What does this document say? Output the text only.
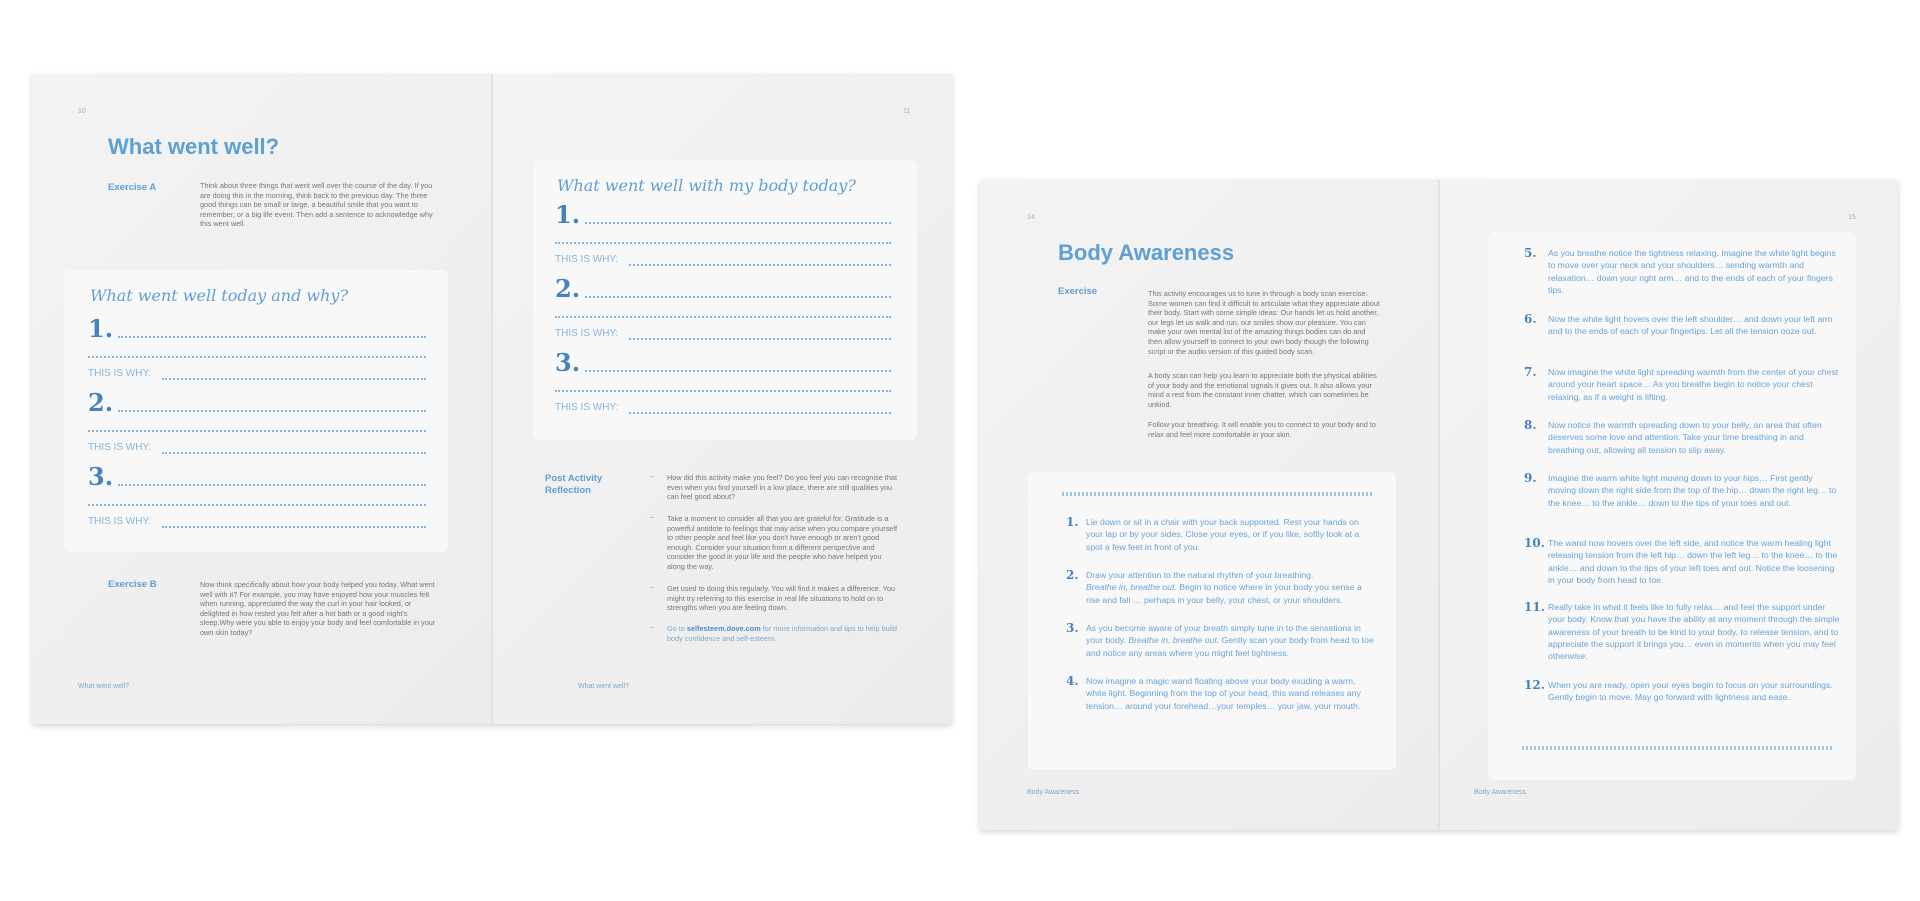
10
What went well?
Exercise A	Think about three things that went well over the course of the day. If you are doing this in the morning, think back to the previous day. The three good things can be small or large, a beautiful smile that you want to remember, or a big life event. Then add a sentence to acknowledge why this went well.
What went well today and why?
1.
THIS IS WHY:
2.
THIS IS WHY:
3.
THIS IS WHY:
Exercise B	Now think specifically about how your body helped you today. What went well with it? For example, you may have enjoyed how your muscles felt when running, appreciated the way the curl in your hair looked, or delighted in how rested you felt after a hot bath or a good night's sleep.Why were you able to enjoy your body and feel comfortable in your own skin today?
What went well?
11
What went well with my body today?
1.
THIS IS WHY:
2.
THIS IS WHY:
3.
THIS IS WHY:
Post Activity
Reflection
– How did this activity make you feel? Do you feel you can recognise that even when you find yourself in a low place, there are still qualities you can feel good about?
– Take a moment to consider all that you are grateful for. Gratitude is a powerful antidote to feelings that may arise when you compare yourself to other people and feel like you don't have enough or aren't good enough. Consider your situation from a different perspective and consider the good in your life and the people who have helped you along the way.
– Get used to doing this regularly. You will find it makes a difference. You might try referring to this exercise in real life situations to hold on to strengths when you are feeling down.
– Go to selfesteem.dove.com for more information and tips to help build body confidence and self-esteem.
What went well?
14
Body Awareness
Exercise	This activity encourages us to tune in through a body scan exercise. Some women can find it difficult to articulate what they appreciate about their body. Start with some simple ideas: Our hands let us hold another, our legs let us walk and run, our smiles show our pleasure. You can make your own mental list of the amazing things bodies can do and then allow yourself to connect to your own body though the following script or the audio version of this guided body scan.
A body scan can help you learn to appreciate both the physical abilities of your body and the emotional signals it gives out. It also allows your mind a rest from the constant inner chatter, which can sometimes be unkind.
Follow your breathing. It will enable you to connect to your body and to relax and feel more comfortable in your skin.
1. Lie down or sit in a chair with your back supported. Rest your hands on your lap or by your sides. Close your eyes, or if you like, softly look at a spot a few feet in front of you.
2. Draw your attention to the natural rhythm of your breathing.
Breathe in, breathe out. Begin to notice where in your body you sense a rise and fall … perhaps in your belly, your chest, or your shoulders.
3. As you become aware of your breath simply tune in to the sensations in your body. Breathe in, breathe out. Gently scan your body from head to toe and notice any areas where you might feel tightness.
4. Now imagine a magic wand floating above your body exuding a warm, white light. Beginning from the top of your head, this wand releases any tension… around your forehead…your temples… your jaw, your mouth.
Body Awareness
15
5. As you breathe notice the tightness relaxing. Imagine the white light begins to move over your neck and your shoulders… sending warmth and relaxation… down your right arm… and to the ends of each of your fingers tips.
6. Now the white light hovers over the left shoulder… and down your left arm and to the ends of each of your fingertips. Let all the tension ooze out.
7. Now imagine the white light spreading warmth from the center of your chest around your heart space… As you breathe begin to notice your chest relaxing, as if a weight is lifting.
8. Now notice the warmth spreading down to your belly, an area that often deserves some love and attention. Take your time breathing in and breathing out, allowing all tension to slip away.
9. Imagine the warm white light moving down to your hips… First gently moving down the right side from the top of the hip… down the right leg… to the knee… to the ankle… down to the tips of your toes and out.
10. The wand now hovers over the left side, and notice the warm healing light releasing tension from the left hip… down the left leg… to the knee… to the ankle… and down to the tips of your left toes and out. Notice the loosening in your body from head to toe.
11. Really take in what it feels like to fully relax… and feel the support under your body. Know that you have the ability at any moment through the simple awareness of your breath to be kind to your body, to release tension, and to appreciate the support it brings you… even in moments when you may feel otherwise.
12. When you are ready, open your eyes begin to focus on your surroundings. Gently begin to move. May go forward with lightness and ease.
Body Awareness
